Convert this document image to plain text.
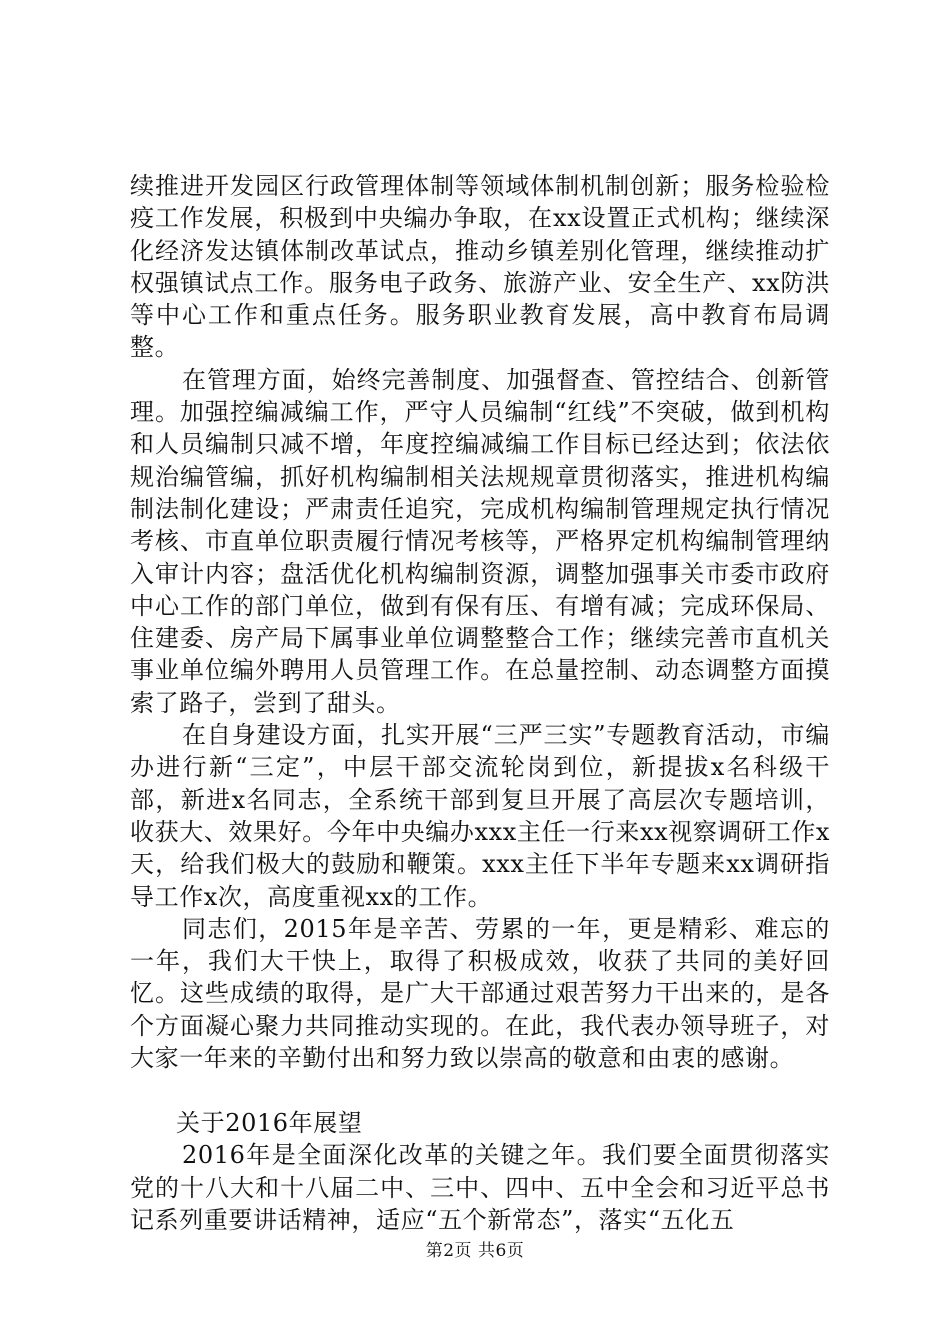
续推进开发园区行政管理体制等领域体制机制创新；服务检验检疫工作发展，积极到中央编办争取，在xx设置正式机构；继续深化经济发达镇体制改革试点，推动乡镇差别化管理，继续推动扩权强镇试点工作。服务电子政务、旅游产业、安全生产、xx防洪等中心工作和重点任务。服务职业教育发展，高中教育布局调整。

在管理方面，始终完善制度、加强督查、管控结合、创新管理。加强控编减编工作，严守人员编制“红线”不突破，做到机构和人员编制只减不增，年度控编减编工作目标已经达到；依法依规治编管编，抓好机构编制相关法规规章贯彻落实，推进机构编制法制化建设；严肃责任追究，完成机构编制管理规定执行情况考核、市直单位职责履行情况考核等，严格界定机构编制管理纳入审计内容；盘活优化机构编制资源，调整加强事关市委市政府中心工作的部门单位，做到有保有压、有增有减；完成环保局、住建委、房产局下属事业单位调整整合工作；继续完善市直机关事业单位编外聘用人员管理工作。在总量控制、动态调整方面摸索了路子，尝到了甜头。

在自身建设方面，扎实开展“三严三实”专题教育活动，市编办进行新“三定”，中层干部交流轮岗到位，新提拔x名科级干部，新进x名同志，全系统干部到复旦开展了高层次专题培训，收获大、效果好。今年中央编办xxx主任一行来xx视察调研工作x天，给我们极大的鼓励和鞭策。xxx主任下半年专题来xx调研指导工作x次，高度重视xx的工作。

同志们，2015年是辛苦、劳累的一年，更是精彩、难忘的一年，我们大干快上，取得了积极成效，收获了共同的美好回忆。这些成绩的取得，是广大干部通过艰苦努力干出来的，是各个方面凝心聚力共同推动实现的。在此，我代表办领导班子，对大家一年来的辛勤付出和努力致以崇高的敬意和由衷的感谢。

关于2016年展望

2016年是全面深化改革的关键之年。我们要全面贯彻落实党的十八大和十八届二中、三中、四中、五中全会和习近平总书记系列重要讲话精神，适应“五个新常态”，落实“五化五

第2页 共6页
